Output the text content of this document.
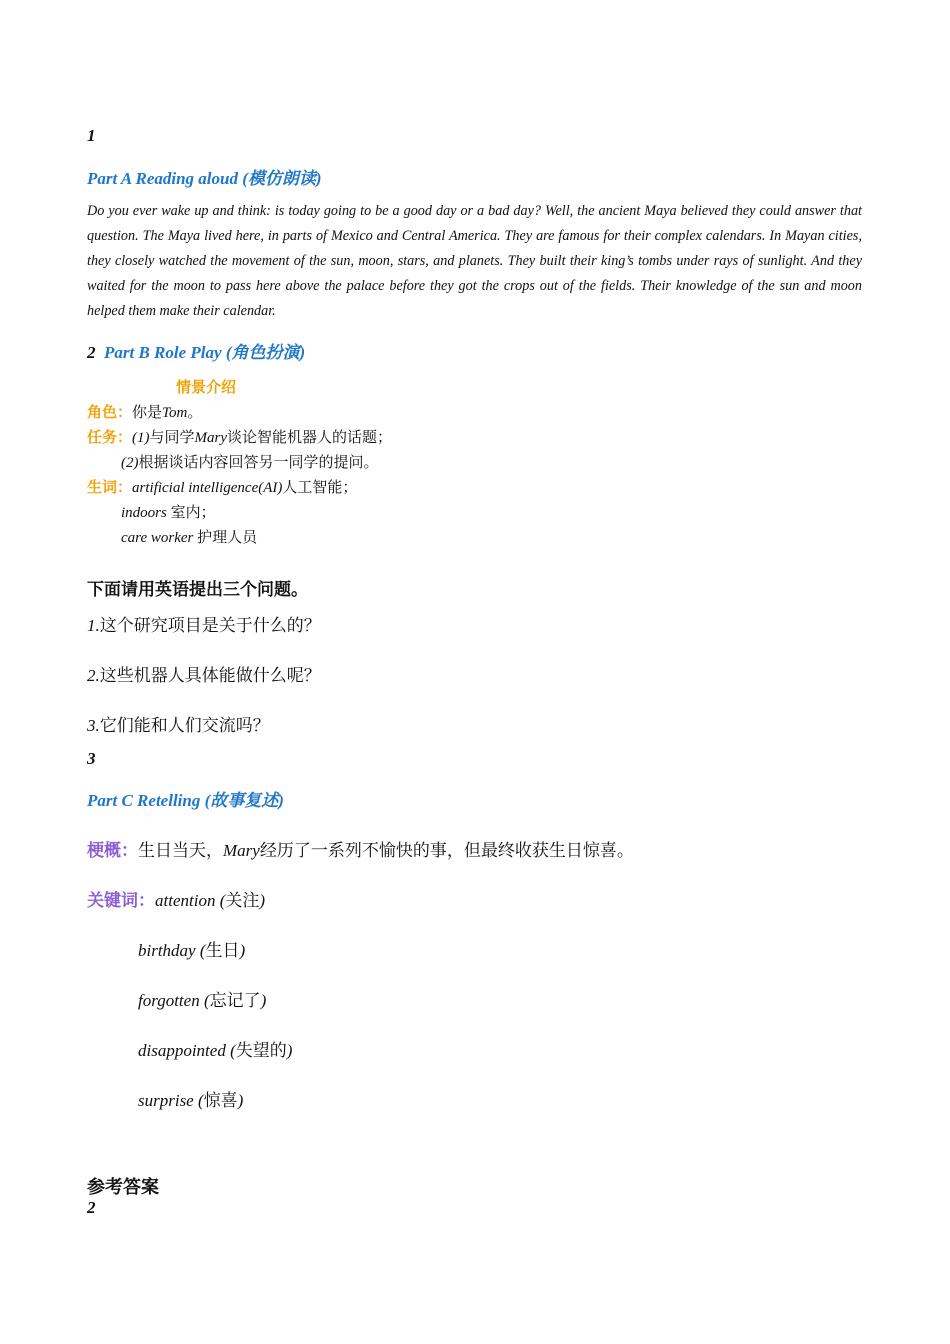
1
Part A Reading aloud (模仿朗读)
Do you ever wake up and think: is today going to be a good day or a bad day? Well, the ancient Maya believed they could answer that question. The Maya lived here, in parts of Mexico and Central America. They are famous for their complex calendars. In Mayan cities, they closely watched the movement of the sun, moon, stars, and planets. They built their king’s tombs under rays of sunlight. And they waited for the moon to pass here above the palace before they got the crops out of the fields. Their knowledge of the sun and moon helped them make their calendar.
2 Part B Role Play (角色扮演)
情景介绍
角色：你是Tom。
任务：(1)与同学Mary谈论智能机器人的话题；
(2)根据谈话内容回答另一同学的提问。
生词：artificial intelligence(AI)人工智能；
indoors 室内；
care worker 护理人员
下面请用英语提出三个问题。
1.这个研究项目是关于什么的？
2.这些机器人具体能做什么呢？
3.它们能和人们交流吗？
3
Part C Retelling (故事复述)
梗概：生日当天，Mary经历了一系列不愉快的事，但最终收获生日惊喜。
关键词：attention (关注)
birthday (生日)
forgotten (忘记了)
disappointed (失望的)
surprise (惊喜)
参考答案
2
